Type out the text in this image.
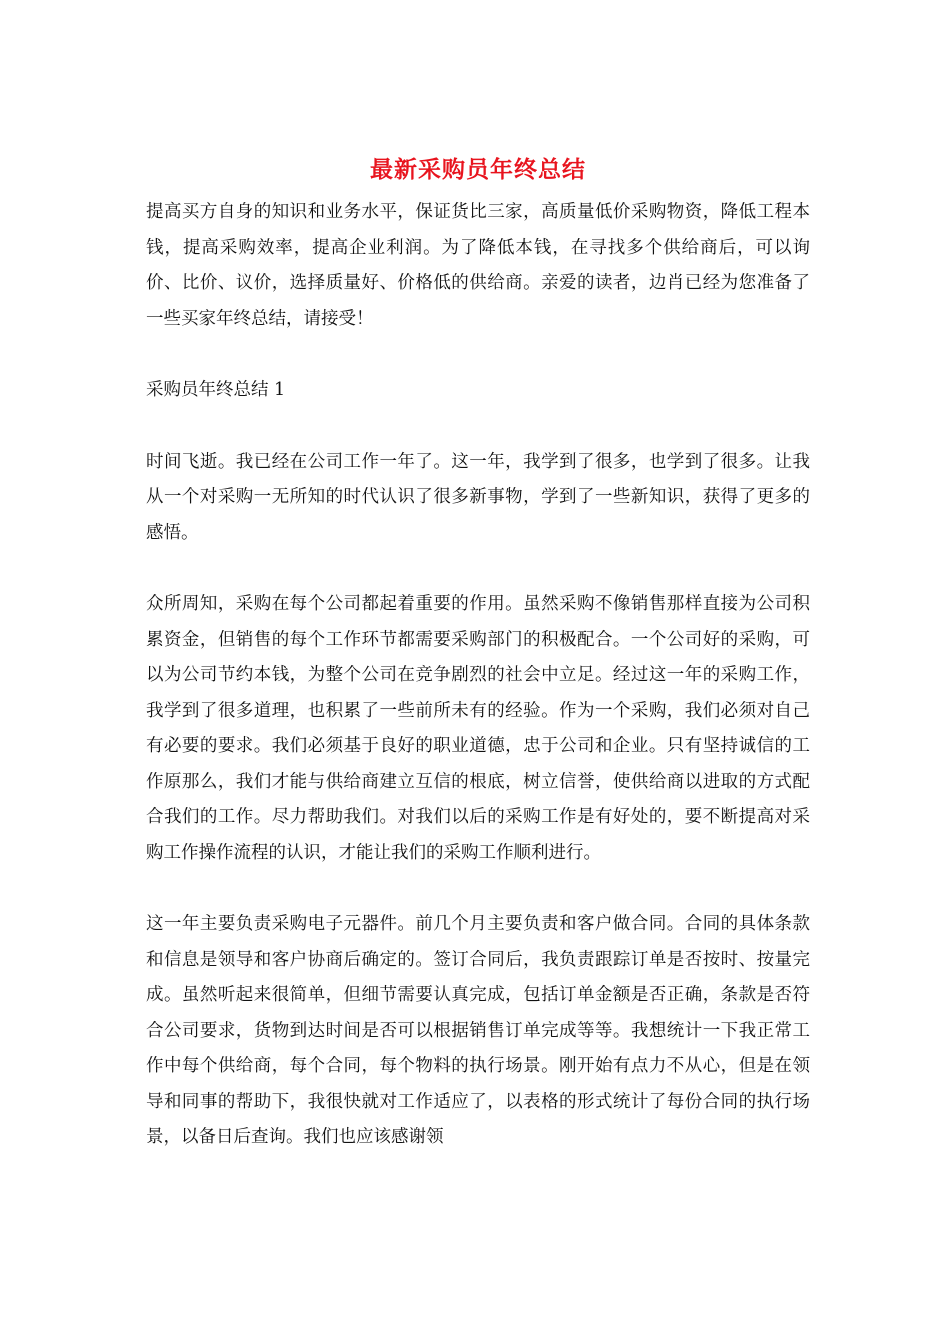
最新采购员年终总结

提高买方自身的知识和业务水平，保证货比三家，高质量低价采购物资，降低工程本钱，提高采购效率，提高企业利润。为了降低本钱，在寻找多个供给商后，可以询价、比价、议价，选择质量好、价格低的供给商。亲爱的读者，边肖已经为您准备了一些买家年终总结，请接受！

采购员年终总结 1

时间飞逝。我已经在公司工作一年了。这一年，我学到了很多，也学到了很多。让我从一个对采购一无所知的时代认识了很多新事物，学到了一些新知识，获得了更多的感悟。

众所周知，采购在每个公司都起着重要的作用。虽然采购不像销售那样直接为公司积累资金，但销售的每个工作环节都需要采购部门的积极配合。一个公司好的采购，可以为公司节约本钱，为整个公司在竞争剧烈的社会中立足。经过这一年的采购工作，我学到了很多道理，也积累了一些前所未有的经验。作为一个采购，我们必须对自己有必要的要求。我们必须基于良好的职业道德，忠于公司和企业。只有坚持诚信的工作原那么，我们才能与供给商建立互信的根底，树立信誉，使供给商以进取的方式配合我们的工作。尽力帮助我们。对我们以后的采购工作是有好处的，要不断提高对采购工作操作流程的认识，才能让我们的采购工作顺利进行。

这一年主要负责采购电子元器件。前几个月主要负责和客户做合同。合同的具体条款和信息是领导和客户协商后确定的。签订合同后，我负责跟踪订单是否按时、按量完成。虽然听起来很简单，但细节需要认真完成，包括订单金额是否正确，条款是否符合公司要求，货物到达时间是否可以根据销售订单完成等等。我想统计一下我正常工作中每个供给商，每个合同，每个物料的执行场景。刚开始有点力不从心，但是在领导和同事的帮助下，我很快就对工作适应了，以表格的形式统计了每份合同的执行场景，以备日后查询。我们也应该感谢领
